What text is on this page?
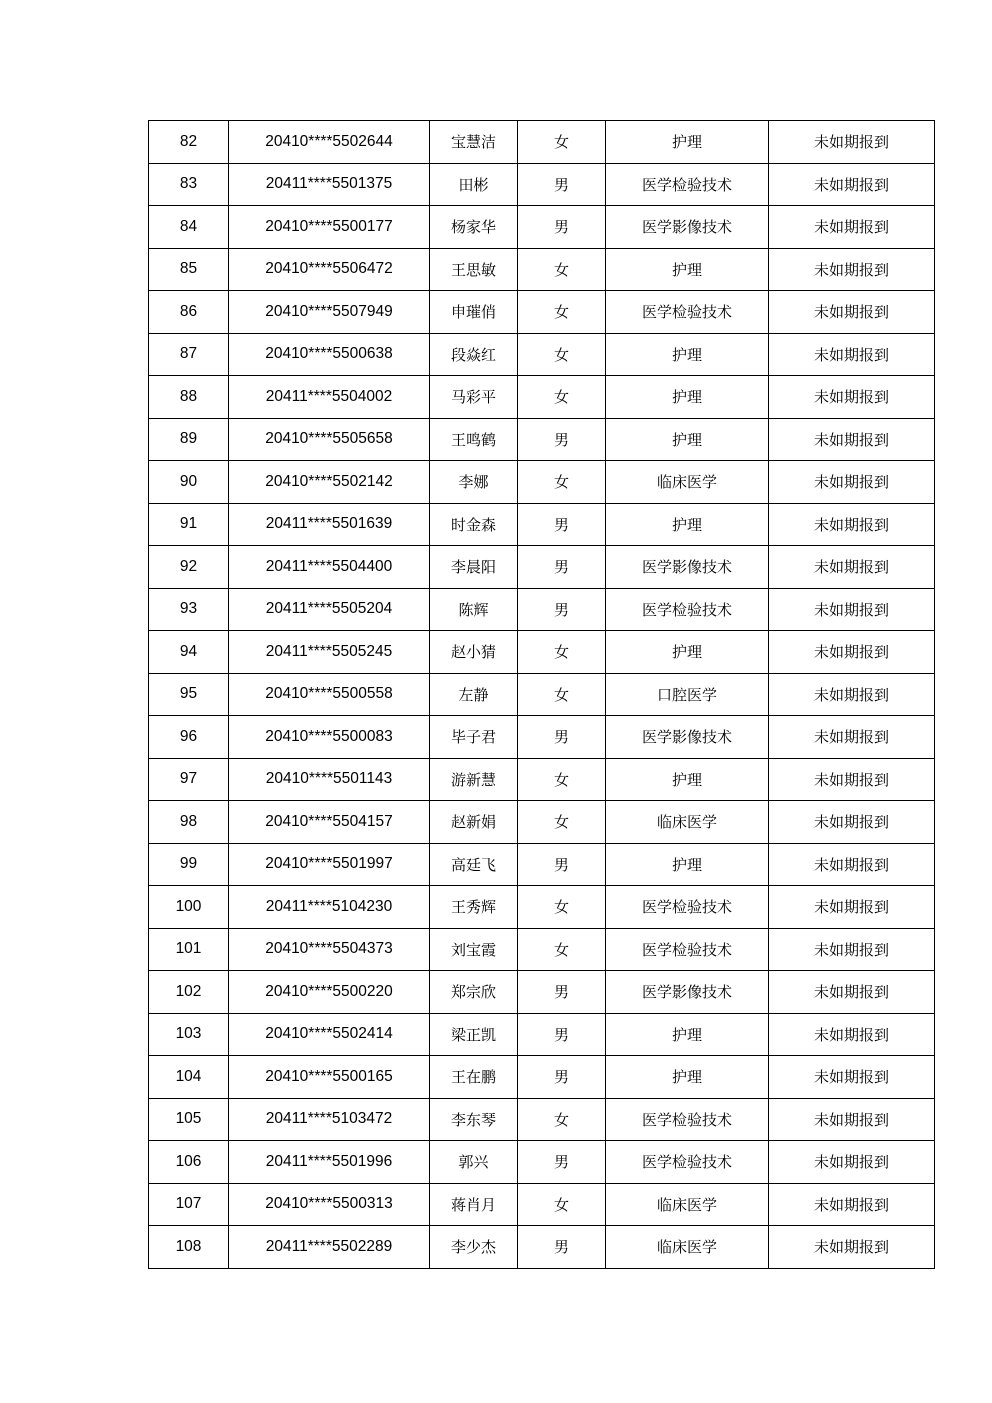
82	20410****5502644	宝慧洁	女	护理	未如期报到
83	20411****5501375	田彬	男	医学检验技术	未如期报到
84	20410****5500177	杨家华	男	医学影像技术	未如期报到
85	20410****5506472	王思敏	女	护理	未如期报到
86	20410****5507949	申璀俏	女	医学检验技术	未如期报到
87	20410****5500638	段焱红	女	护理	未如期报到
88	20411****5504002	马彩平	女	护理	未如期报到
89	20410****5505658	王鸣鹤	男	护理	未如期报到
90	20410****5502142	李娜	女	临床医学	未如期报到
91	20411****5501639	时金森	男	护理	未如期报到
92	20411****5504400	李晨阳	男	医学影像技术	未如期报到
93	20411****5505204	陈辉	男	医学检验技术	未如期报到
94	20411****5505245	赵小猜	女	护理	未如期报到
95	20410****5500558	左静	女	口腔医学	未如期报到
96	20410****5500083	毕子君	男	医学影像技术	未如期报到
97	20410****5501143	游新慧	女	护理	未如期报到
98	20410****5504157	赵新娟	女	临床医学	未如期报到
99	20410****5501997	高廷飞	男	护理	未如期报到
100	20411****5104230	王秀辉	女	医学检验技术	未如期报到
101	20410****5504373	刘宝霞	女	医学检验技术	未如期报到
102	20410****5500220	郑宗欣	男	医学影像技术	未如期报到
103	20410****5502414	梁正凯	男	护理	未如期报到
104	20410****5500165	王在鹏	男	护理	未如期报到
105	20411****5103472	李东琴	女	医学检验技术	未如期报到
106	20411****5501996	郭兴	男	医学检验技术	未如期报到
107	20410****5500313	蒋肖月	女	临床医学	未如期报到
108	20411****5502289	李少杰	男	临床医学	未如期报到
